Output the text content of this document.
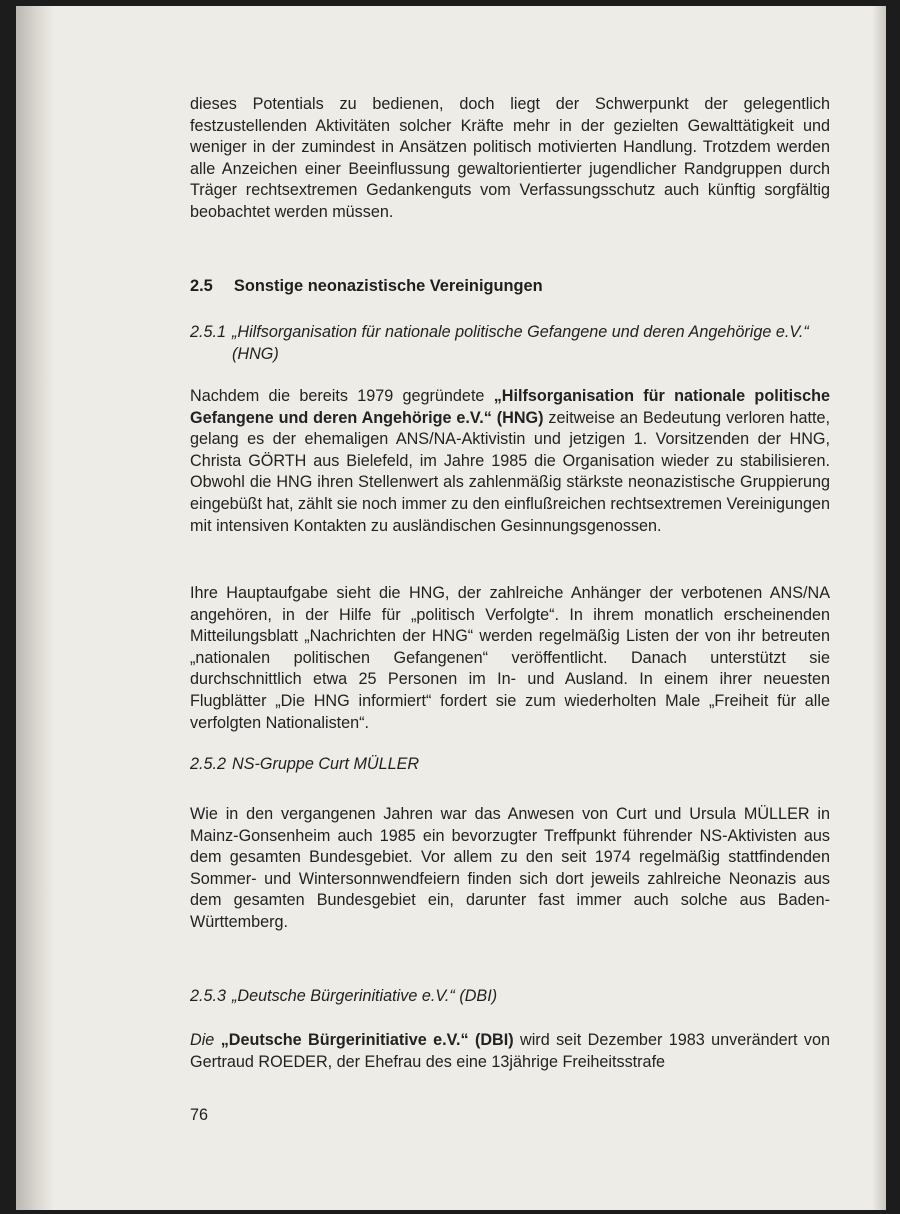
dieses Potentials zu bedienen, doch liegt der Schwerpunkt der gelegentlich festzustellenden Aktivitäten solcher Kräfte mehr in der gezielten Gewalttätigkeit und weniger in der zumindest in Ansätzen politisch motivierten Handlung. Trotzdem werden alle Anzeichen einer Beeinflussung gewaltorientierter jugendlicher Randgruppen durch Träger rechtsextremen Gedankenguts vom Verfassungsschutz auch künftig sorgfältig beobachtet werden müssen.

2.5 Sonstige neonazistische Vereinigungen
2.5.1 „Hilfsorganisation für nationale politische Gefangene und deren Angehörige e.V.“ (HNG)

Nachdem die bereits 1979 gegründete „Hilfsorganisation für nationale politische Gefangene und deren Angehörige e.V.“ (HNG) zeitweise an Bedeutung verloren hatte, gelang es der ehemaligen ANS/NA-Aktivistin und jetzigen 1. Vorsitzenden der HNG, Christa GÖRTH aus Bielefeld, im Jahre 1985 die Organisation wieder zu stabilisieren. Obwohl die HNG ihren Stellenwert als zahlenmäßig stärkste neonazistische Gruppierung eingebüßt hat, zählt sie noch immer zu den einflußreichen rechtsextremen Vereinigungen mit intensiven Kontakten zu ausländischen Gesinnungsgenossen.

Ihre Hauptaufgabe sieht die HNG, der zahlreiche Anhänger der verbotenen ANS/NA angehören, in der Hilfe für „politisch Verfolgte“. In ihrem monatlich erscheinenden Mitteilungsblatt „Nachrichten der HNG“ werden regelmäßig Listen der von ihr betreuten „nationalen politischen Gefangenen“ veröffentlicht. Danach unterstützt sie durchschnittlich etwa 25 Personen im In- und Ausland. In einem ihrer neuesten Flugblätter „Die HNG informiert“ fordert sie zum wiederholten Male „Freiheit für alle verfolgten Nationalisten“.

2.5.2 NS-Gruppe Curt MÜLLER

Wie in den vergangenen Jahren war das Anwesen von Curt und Ursula MÜLLER in Mainz-Gonsenheim auch 1985 ein bevorzugter Treffpunkt führender NS-Aktivisten aus dem gesamten Bundesgebiet. Vor allem zu den seit 1974 regelmäßig stattfindenden Sommer- und Wintersonnwendfeiern finden sich dort jeweils zahlreiche Neonazis aus dem gesamten Bundesgebiet ein, darunter fast immer auch solche aus Baden-Württemberg.

2.5.3 „Deutsche Bürgerinitiative e.V.“ (DBI)

Die „Deutsche Bürgerinitiative e.V.“ (DBI) wird seit Dezember 1983 unverändert von Gertraud ROEDER, der Ehefrau des eine 13jährige Freiheitsstrafe

76
